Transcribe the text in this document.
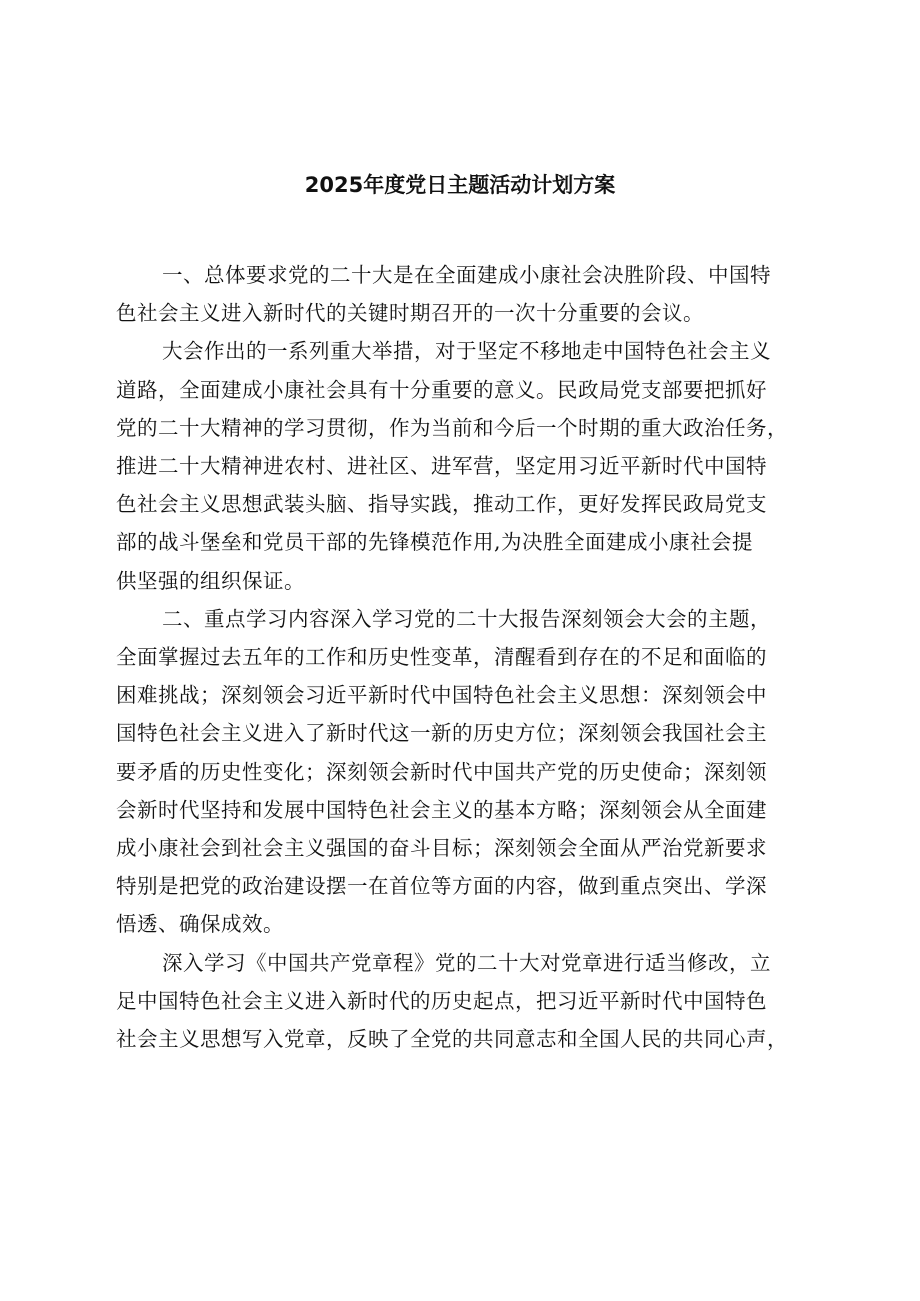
2025年度党日主题活动计划方案

一、总体要求党的二十大是在全面建成小康社会决胜阶段、中国特
色社会主义进入新时代的关键时期召开的一次十分重要的会议。

大会作出的一系列重大举措，对于坚定不移地走中国特色社会主义
道路，全面建成小康社会具有十分重要的意义。民政局党支部要把抓好
党的二十大精神的学习贯彻，作为当前和今后一个时期的重大政治任务，
推进二十大精神进农村、进社区、进军营，坚定用习近平新时代中国特
色社会主义思想武装头脑、指导实践，推动工作，更好发挥民政局党支
部的战斗堡垒和党员干部的先锋模范作用,为决胜全面建成小康社会提
供坚强的组织保证。

二、重点学习内容深入学习党的二十大报告深刻领会大会的主题，
全面掌握过去五年的工作和历史性变革，清醒看到存在的不足和面临的
困难挑战；深刻领会习近平新时代中国特色社会主义思想：深刻领会中
国特色社会主义进入了新时代这一新的历史方位；深刻领会我国社会主
要矛盾的历史性变化；深刻领会新时代中国共产党的历史使命；深刻领
会新时代坚持和发展中国特色社会主义的基本方略；深刻领会从全面建
成小康社会到社会主义强国的奋斗目标；深刻领会全面从严治党新要求
特别是把党的政治建设摆一在首位等方面的内容，做到重点突出、学深
悟透、确保成效。

深入学习《中国共产党章程》党的二十大对党章进行适当修改，立
足中国特色社会主义进入新时代的历史起点，把习近平新时代中国特色
社会主义思想写入党章，反映了全党的共同意志和全国人民的共同心声，
